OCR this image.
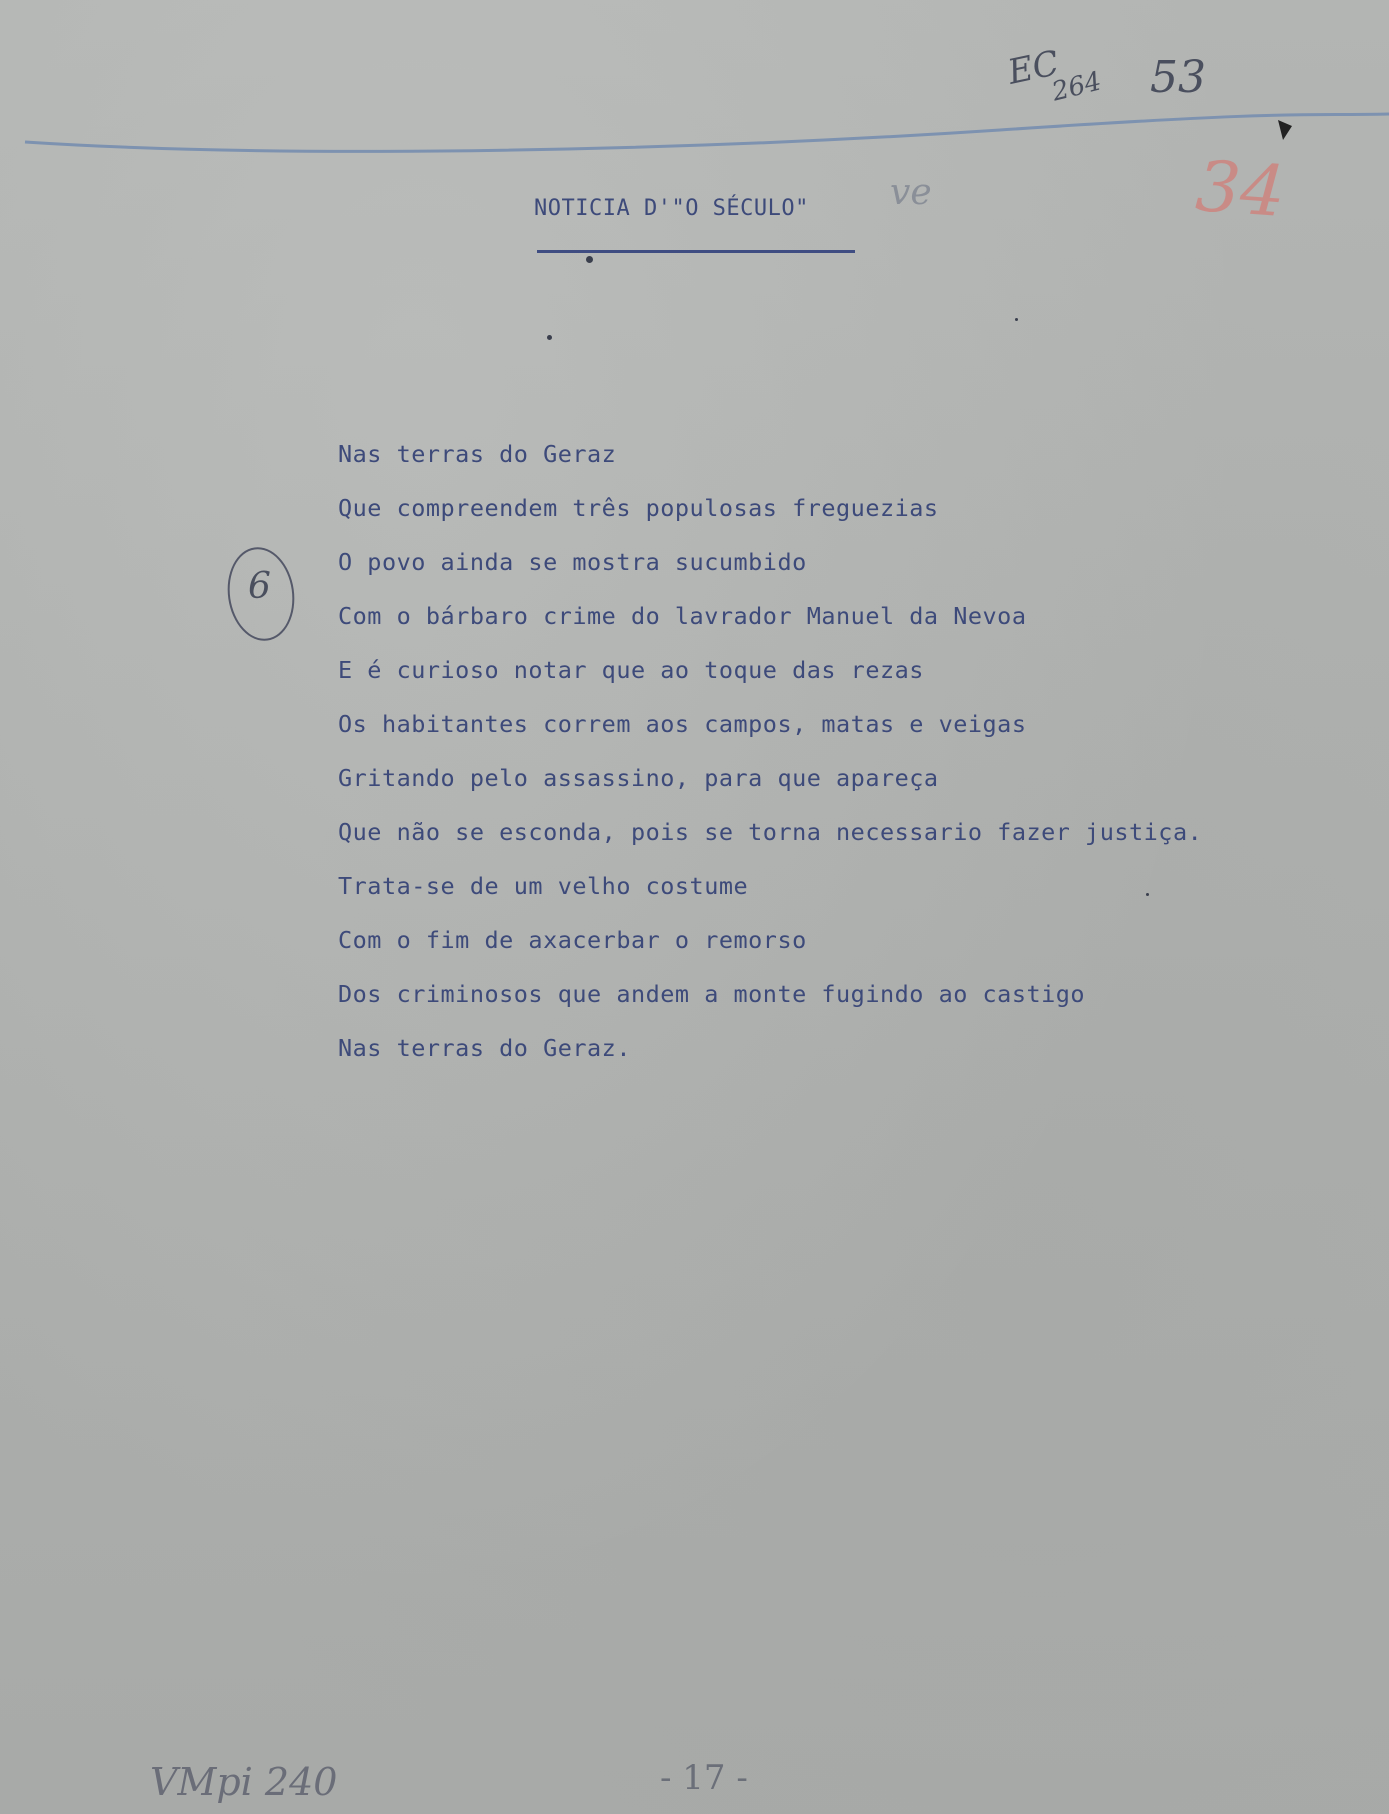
EC
264 53
ve	34
NOTICIA D'"O SÉCULO"
6
Nas terras do Geraz
Que compreendem três populosas freguezias
O povo ainda se mostra sucumbido
Com o bárbaro crime do lavrador Manuel da Nevoa
E é curioso notar que ao toque das rezas
Os habitantes correm aos campos, matas e veigas
Gritando pelo assassino, para que apareça
Que não se esconda, pois se torna necessario fazer justiça.
Trata-se de um velho costume
Com o fim de axacerbar o remorso
Dos criminosos que andem a monte fugindo ao castigo
Nas terras do Geraz.
VMpi 240	- 17 -
